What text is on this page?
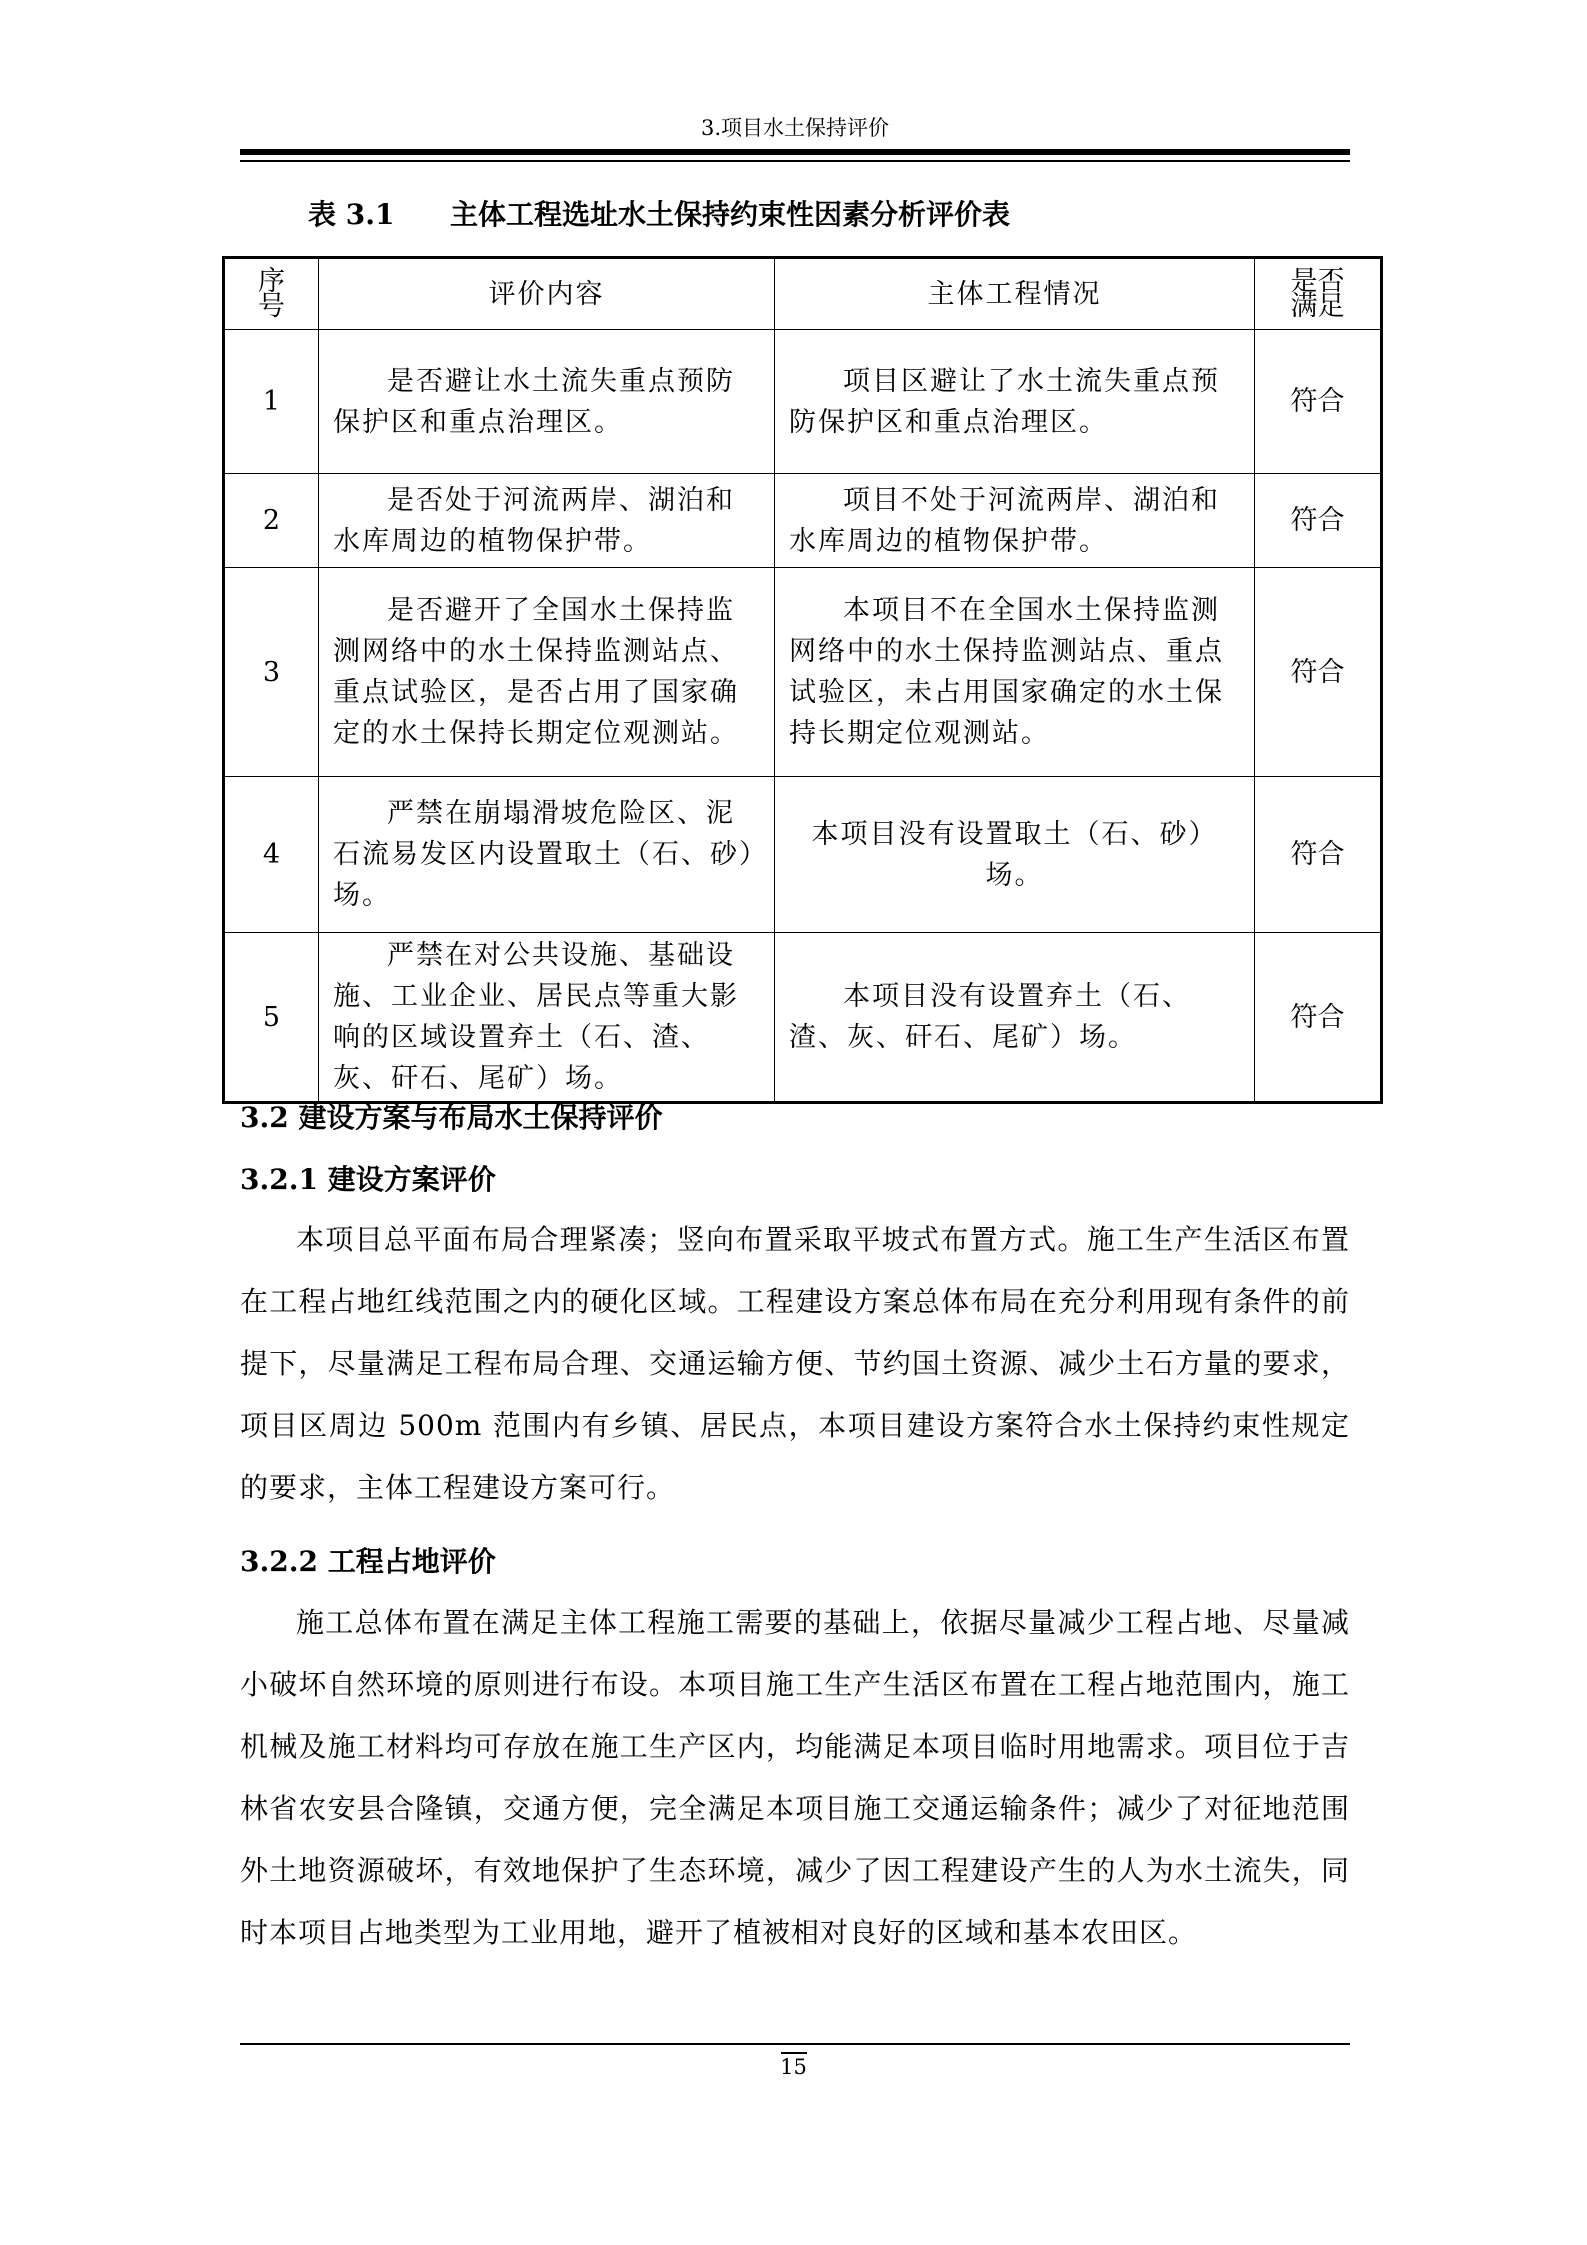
3.项目水土保持评价
表 3.1 主体工程选址水土保持约束性因素分析评价表
序号	评价内容	主体工程情况	是否满足
1	是否避让水土流失重点预防保护区和重点治理区。	项目区避让了水土流失重点预防保护区和重点治理区。	符合
2	是否处于河流两岸、湖泊和水库周边的植物保护带。	项目不处于河流两岸、湖泊和水库周边的植物保护带。	符合
3	是否避开了全国水土保持监测网络中的水土保持监测站点、重点试验区，是否占用了国家确定的水土保持长期定位观测站。	本项目不在全国水土保持监测网络中的水土保持监测站点、重点试验区，未占用国家确定的水土保持长期定位观测站。	符合
4	严禁在崩塌滑坡危险区、泥石流易发区内设置取土（石、砂）场。	本项目没有设置取土（石、砂）场。	符合
5	严禁在对公共设施、基础设施、工业企业、居民点等重大影响的区域设置弃土（石、渣、灰、矸石、尾矿）场。	本项目没有设置弃土（石、渣、灰、矸石、尾矿）场。	符合
3.2 建设方案与布局水土保持评价
3.2.1 建设方案评价

本项目总平面布局合理紧凑；竖向布置采取平坡式布置方式。施工生产生活区布置在工程占地红线范围之内的硬化区域。工程建设方案总体布局在充分利用现有条件的前提下，尽量满足工程布局合理、交通运输方便、节约国土资源、减少土石方量的要求，项目区周边 500m 范围内有乡镇、居民点，本项目建设方案符合水土保持约束性规定的要求，主体工程建设方案可行。

3.2.2 工程占地评价

施工总体布置在满足主体工程施工需要的基础上，依据尽量减少工程占地、尽量减小破坏自然环境的原则进行布设。本项目施工生产生活区布置在工程占地范围内，施工机械及施工材料均可存放在施工生产区内，均能满足本项目临时用地需求。项目位于吉林省农安县合隆镇，交通方便，完全满足本项目施工交通运输条件；减少了对征地范围外土地资源破坏，有效地保护了生态环境，减少了因工程建设产生的人为水土流失，同时本项目占地类型为工业用地，避开了植被相对良好的区域和基本农田区。

15
